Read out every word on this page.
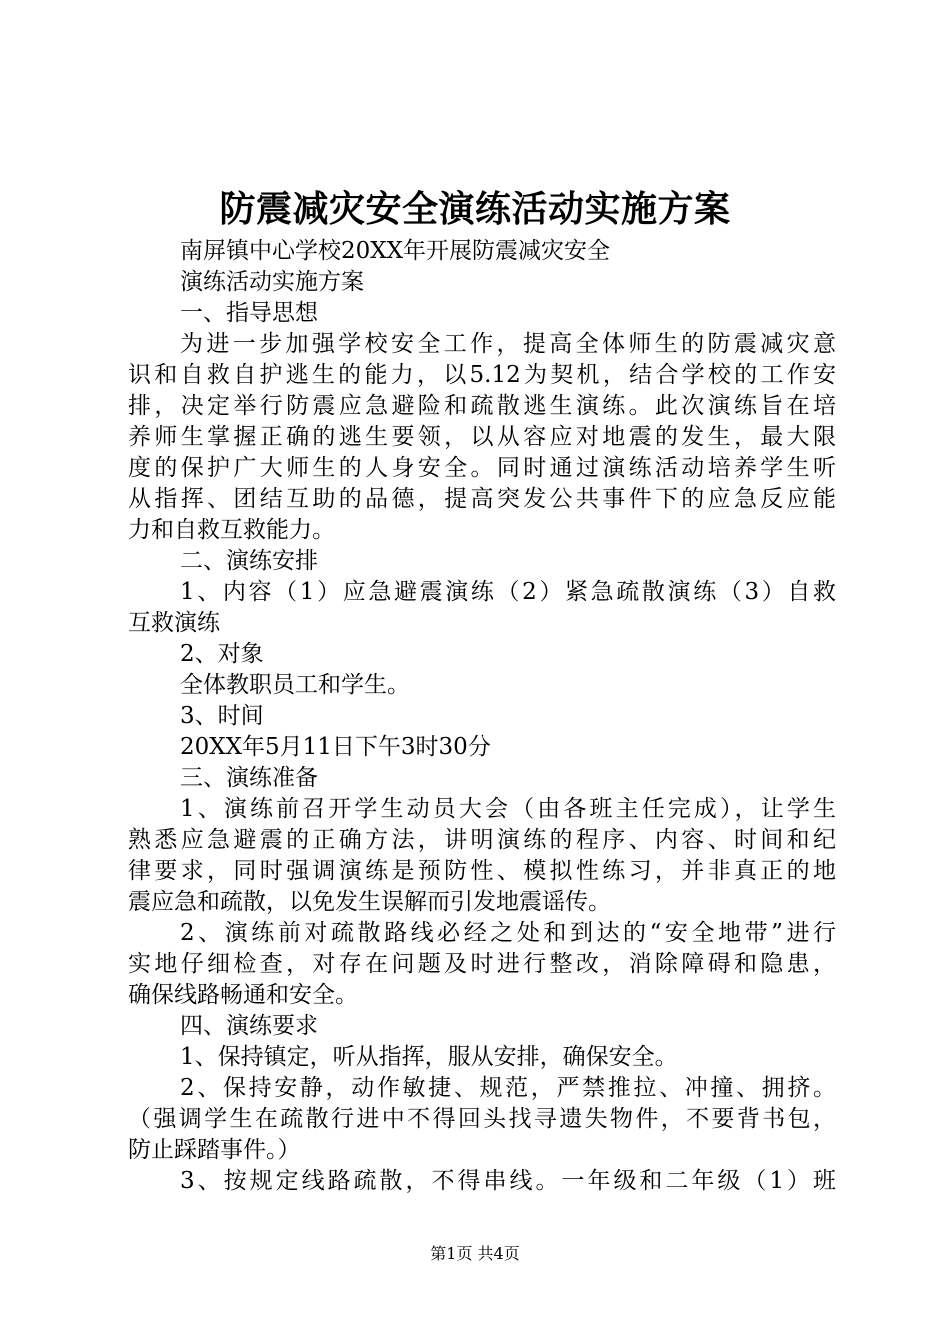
防震减灾安全演练活动实施方案
南屏镇中心学校20XX年开展防震减灾安全
演练活动实施方案
一、指导思想
为进一步加强学校安全工作，提高全体师生的防震减灾意
识和自救自护逃生的能力，以5.12为契机，结合学校的工作安
排，决定举行防震应急避险和疏散逃生演练。此次演练旨在培
养师生掌握正确的逃生要领，以从容应对地震的发生，最大限
度的保护广大师生的人身安全。同时通过演练活动培养学生听
从指挥、团结互助的品德，提高突发公共事件下的应急反应能
力和自救互救能力。
二、演练安排
1、内容（1）应急避震演练（2）紧急疏散演练（3）自救
互救演练
2、对象
全体教职员工和学生。
3、时间
20XX年5月11日下午3时30分
三、演练准备
1、演练前召开学生动员大会（由各班主任完成），让学生
熟悉应急避震的正确方法，讲明演练的程序、内容、时间和纪
律要求，同时强调演练是预防性、模拟性练习，并非真正的地
震应急和疏散，以免发生误解而引发地震谣传。
2、演练前对疏散路线必经之处和到达的“安全地带”进行
实地仔细检查，对存在问题及时进行整改，消除障碍和隐患，
确保线路畅通和安全。
四、演练要求
1、保持镇定，听从指挥，服从安排，确保安全。
2、保持安静，动作敏捷、规范，严禁推拉、冲撞、拥挤。
（强调学生在疏散行进中不得回头找寻遗失物件，不要背书包，
防止踩踏事件。）
3、按规定线路疏散，不得串线。一年级和二年级（1）班
第1页 共4页
